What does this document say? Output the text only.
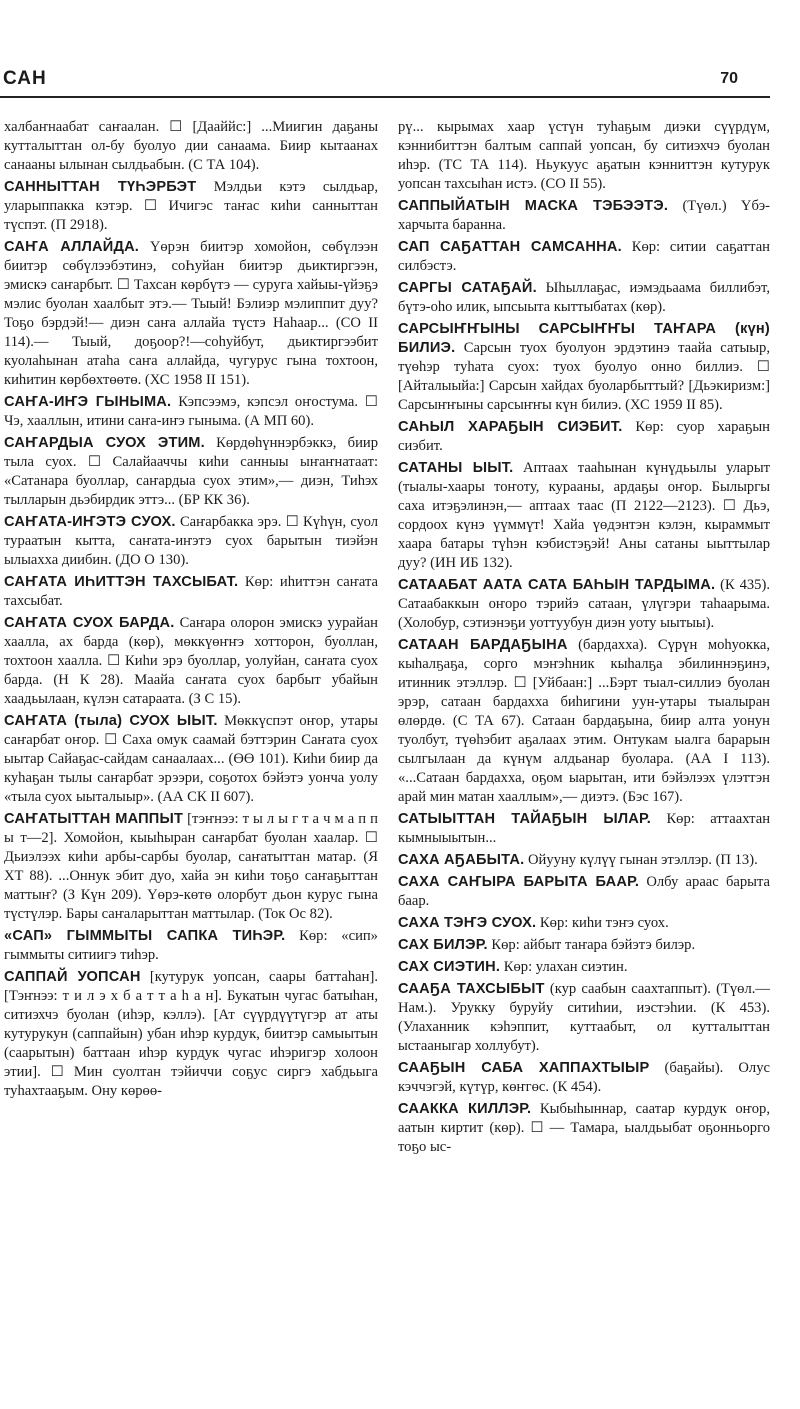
САН	70

халбаҥнаабат саҥаалан. ☐ [Дааййс:] ...Миигин даҕаны кутталыттан ол-бу буолуо дии санаама. Биир кытаанах санааны ылынан сылдьабын. (С ТА 104).

САННЫТТАН ТҮҺЭРБЭТ Мэлдьи кэтэ сылдьар, уларыппакка кэтэр. ☐ Ичигэс таҥас киһи санныттан түспэт. (П 2918).

САҤА АЛЛАЙДА. Үөрэн биитэр хомойон, сөбүлээн биитэр сөбүлээбэтинэ, соҺуйан биитэр дьиктиргээн, эмискэ саҥарбыт. ☐ Тахсан көрбүтэ — суруга хайыы-үйэҕэ мэлис буолан хаалбыт этэ.— Тыый! Бэлиэр мэлиппит дуу? Тоҕо бэрдэй!— диэн саҥа аллайа түстэ Наһаар... (СО II 114).— Тыый, доҕоор?!—соһуйбут, дьиктиргээбит куолаһынан атаһа саҥа аллайда, чугурус гына тохтоон, киһитин көрбөхтөөтө. (ХС 1958 II 151).

САҤА-ИҤЭ ГЫНЫМА. Кэпсээмэ, кэпсэл оҥостума. ☐ Чэ, хааллын, итини саҥа-иҥэ гыныма. (А МП 60).

САҤАРДЫА СУОХ ЭТИМ. Көрдөһүннэрбэккэ, биир тыла суох. ☐ Салайааччы киһи санныы ыҥаҥнатаат: «Сатанара буоллар, саҥардыа суох этим»,— диэн, Тиһэх тылларын дьэбирдик эттэ... (БР КК 36).

САҤАТА-ИҤЭТЭ СУОХ. Саҥарбакка эрэ. ☐ Күһүн, суол тураатын кытта, саҥата-иҥэтэ суох барытын тиэйэн ылыахха диибин. (ДО О 130).

САҤАТА ИҺИТТЭН ТАХСЫБАТ. Көр: иһиттэн саҥата тахсыбат.

САҤАТА СУОХ БАРДА. Саҥара олорон эмискэ уурайан хаалла, ах барда (көр), мөккүөҥҥэ хотторон, буоллан, тохтоон хаалла. ☐ Киһи эрэ буоллар, уолуйан, саҥата суох барда. (Н К 28). Маайа саҥата суох барбыт убайын хаадьылаан, күлэн сатараата. (З С 15).

САҤАТА (тыла) СУОХ ЫЫТ. Мөккүспэт оҥор, утары саҥарбат оҥор. ☐ Саха омук саамай бэттэрин Саҥата суох ыытар Сайаҕас-сайдам санаалаах... (ӨӨ 101). Киһи биир да куһаҕан тылы саҥарбат эрээри, соҕотох бэйэтэ уонча уолу «тыла суох ыыталыыр». (АА СК II 607).

САҤАТЫТТАН МАППЫТ [тэҥнээ: т ы л ы г т а ч м а п п ы т—2]. Хомойон, кыыһыран саҥарбат буолан хаалар. ☐ Дьиэлээх киһи арбы-сарбы буолар, саҥатыттан матар. (Я ХТ 88). ...Оннук эбит дуо, хайа эн киһи тоҕо саҥаҕыттан маттыҥ? (З Күн 209). Үөрэ-көтө олорбут дьон курус гына түстүлэр. Бары саҥаларыттан маттылар. (Ток Ос 82).

«САП» ГЫММЫТЫ САПКА ТИҺЭР. Көр: «сип» гыммыты ситиигэ тиһэр.

САППАЙ УОПСАН [кутурук уопсан, саары баттаһан]. [Тэҥнээ: т и л э х б а т т а һ а н]. Букатын чугас батыһан, ситиэхчэ буолан (иһэр, кэллэ). [Ат сүүрдүүтүгэр ат аты кутурукун (саппайын) убан иһэр курдук, биитэр самыытын (саарытын) баттаан иһэр курдук чугас иһэригэр холоон этии]. ☐ Мин суолтан тэйиччи соҕус сиргэ хабдьыга туһахтааҕым. Ону көрөө-

рү... кырымах хаар үстүн туһаҕым диэки сүүрдүм, кэннибиттэн балтым саппай уопсан, бу ситиэхчэ буолан иһэр. (ТС ТА 114). Ньукуус аҕатын кэнниттэн кутурук уопсан тахсыһан истэ. (СО II 55).

САППЫЙАТЫН МАСКА ТЭБЭЭТЭ. (Түөл.) Үбэ-харчыта баранна.

САП САҔАТТАН САМСАННА. Көр: ситии саҕаттан силбэстэ.

САРГЫ САТАҔАЙ. Ыһыллаҕас, иэмэдьаама биллибэт, бүтэ-оһо илик, ыпсыыта кыттыбатах (көр).

САРСЫҤҤЫНЫ САРСЫҤҤЫ ТАҤАРА (күн) БИЛИЭ. Сарсын туох буолуон эрдэтинэ таайа сатыыр, түөһэр туһата суох: туох буолуо онно биллиэ. ☐ [Айталыыйа:] Сарсын хайдах буоларбыттый? [Дьэкиризм:] Сарсыҥҥыны сарсыҥҥы күн билиэ. (ХС 1959 II 85).

САҺЫЛ ХАРАҔЫН СИЭБИТ. Көр: суор хараҕын сиэбит.

САТАНЫ ЫЫТ. Аптаах тааһынан күнүдьылы уларыт (тыалы-хаары тоҥоту, курааны, ардаҕы оҥор. Былыргы саха итэҕэлинэн,— аптаах таас (П 2122—2123). ☐ Дьэ, сордоох күнэ үүммүт! Хайа үөдэнтэн кэлэн, кыраммыт хаара батары түһэн кэбистэҕэй! Аны сатаны ыыттылар дуу? (ИН ИБ 132).

САТААБАТ ААТА САТА БАҺЫН ТАРДЫМА. (К 435). Сатаабаккын оҥоро тэрийэ сатаан, үлүгэри таһаарыма. (Холобур, сэтиэнэҕи уоттуубун диэн уоту ыытыы).

САТААН БАРДАҔЫНА (бардахха). Сүрүн моһуокка, кыһалҕаҕа, сорго мэҥэһник кыһалҕа эбилиннэҕинэ, итинник этэллэр. ☐ [Уйбаан:] ...Бэрт тыал-силлиэ буолан эрэр, сатаан бардахха биһигини уун-утары тыалыран өлөрдө. (С ТА 67). Сатаан бардаҕына, биир алта уонун туолбут, түөһэбит аҕалаах этим. Онтукам ыалга барарын сылгылаан да күнүм алдьанар буолара. (АА I 113). «...Сатаан бардахха, оҕом ыарытан, ити бэйэлээх үлэттэн арай мин матан хааллым»,— диэтэ. (Бэс 167).

САТЫЫТТАН ТАЙАҔЫН ЫЛАР. Көр: аттаахтан кымныыытын...

САХА АҔАБЫТА. Ойууну күлүү гынан этэллэр. (П 13).

САХА САҤЫРА БАРЫТА БААР. Олбу араас барыта баар.

САХА ТЭҤЭ СУОХ. Көр: киһи тэҥэ суох.

САХ БИЛЭР. Көр: айбыт таҥара бэйэтэ билэр.

САХ СИЭТИН. Көр: улахан сиэтин.

СААҔА ТАХСЫБЫТ (кур саабын саахтаппыт). (Түөл.— Нам.). Урукку буруйу ситиһии, иэстэһии. (К 453). (Улаханник кэһэппит, куттаабыт, ол кутталыттан ыстааныгар холлубут).

СААҔЫН САБА ХАППАХТЫЫР (баҕайы). Олус кэччэгэй, күтүр, көҥгөс. (К 454).

СААККА КИЛЛЭР. Кыбыһыннар, саатар курдук оҥор, аатын киртит (көр). ☐ — Тамара, ыалдьыбат оҕонньорго тоҕо ыс-
